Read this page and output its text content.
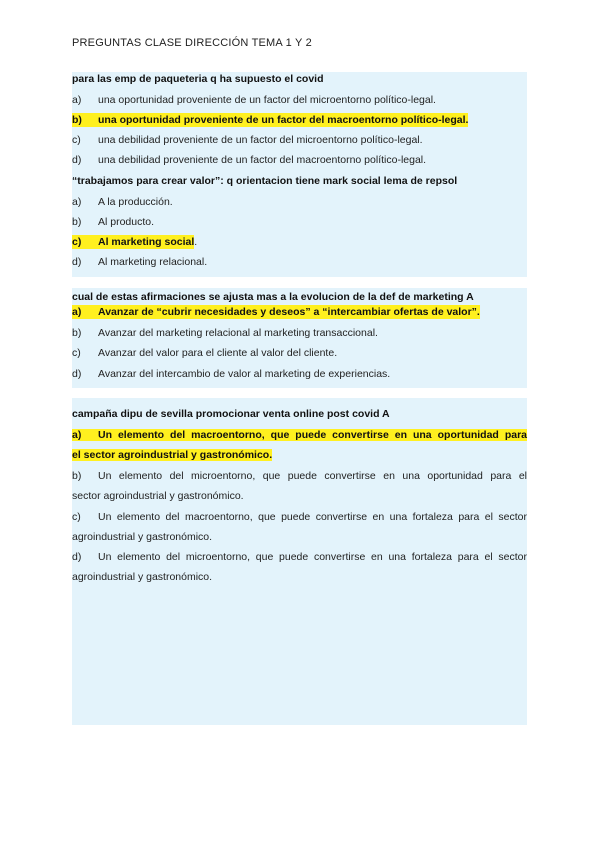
PREGUNTAS CLASE DIRECCIÓN TEMA 1 Y 2
para las emp de paqueteria q ha supuesto el covid
a) una oportunidad proveniente de un factor del microentorno político-legal.
b) una oportunidad proveniente de un factor del macroentorno político-legal.
c) una debilidad proveniente de un factor del microentorno político-legal.
d) una debilidad proveniente de un factor del macroentorno político-legal.
“trabajamos para crear valor”: q orientacion tiene mark social lema de repsol
a) A la producción.
b) Al producto.
c) Al marketing social.
d) Al marketing relacional.
cual de estas afirmaciones se ajusta mas a la evolucion de la def de marketing A
a) Avanzar de “cubrir necesidades y deseos” a “intercambiar ofertas de valor”.
b) Avanzar del marketing relacional al marketing transaccional.
c) Avanzar del valor para el cliente al valor del cliente.
d) Avanzar del intercambio de valor al marketing de experiencias.
campaña dipu de sevilla promocionar venta online post covid A
a) Un elemento del macroentorno, que puede convertirse en una oportunidad para
el sector agroindustrial y gastronómico.
b) Un elemento del microentorno, que puede convertirse en una oportunidad para el
sector agroindustrial y gastronómico.
c) Un elemento del macroentorno, que puede convertirse en una fortaleza para el sector
agroindustrial y gastronómico.
d) Un elemento del microentorno, que puede convertirse en una fortaleza para el sector
agroindustrial y gastronómico.
